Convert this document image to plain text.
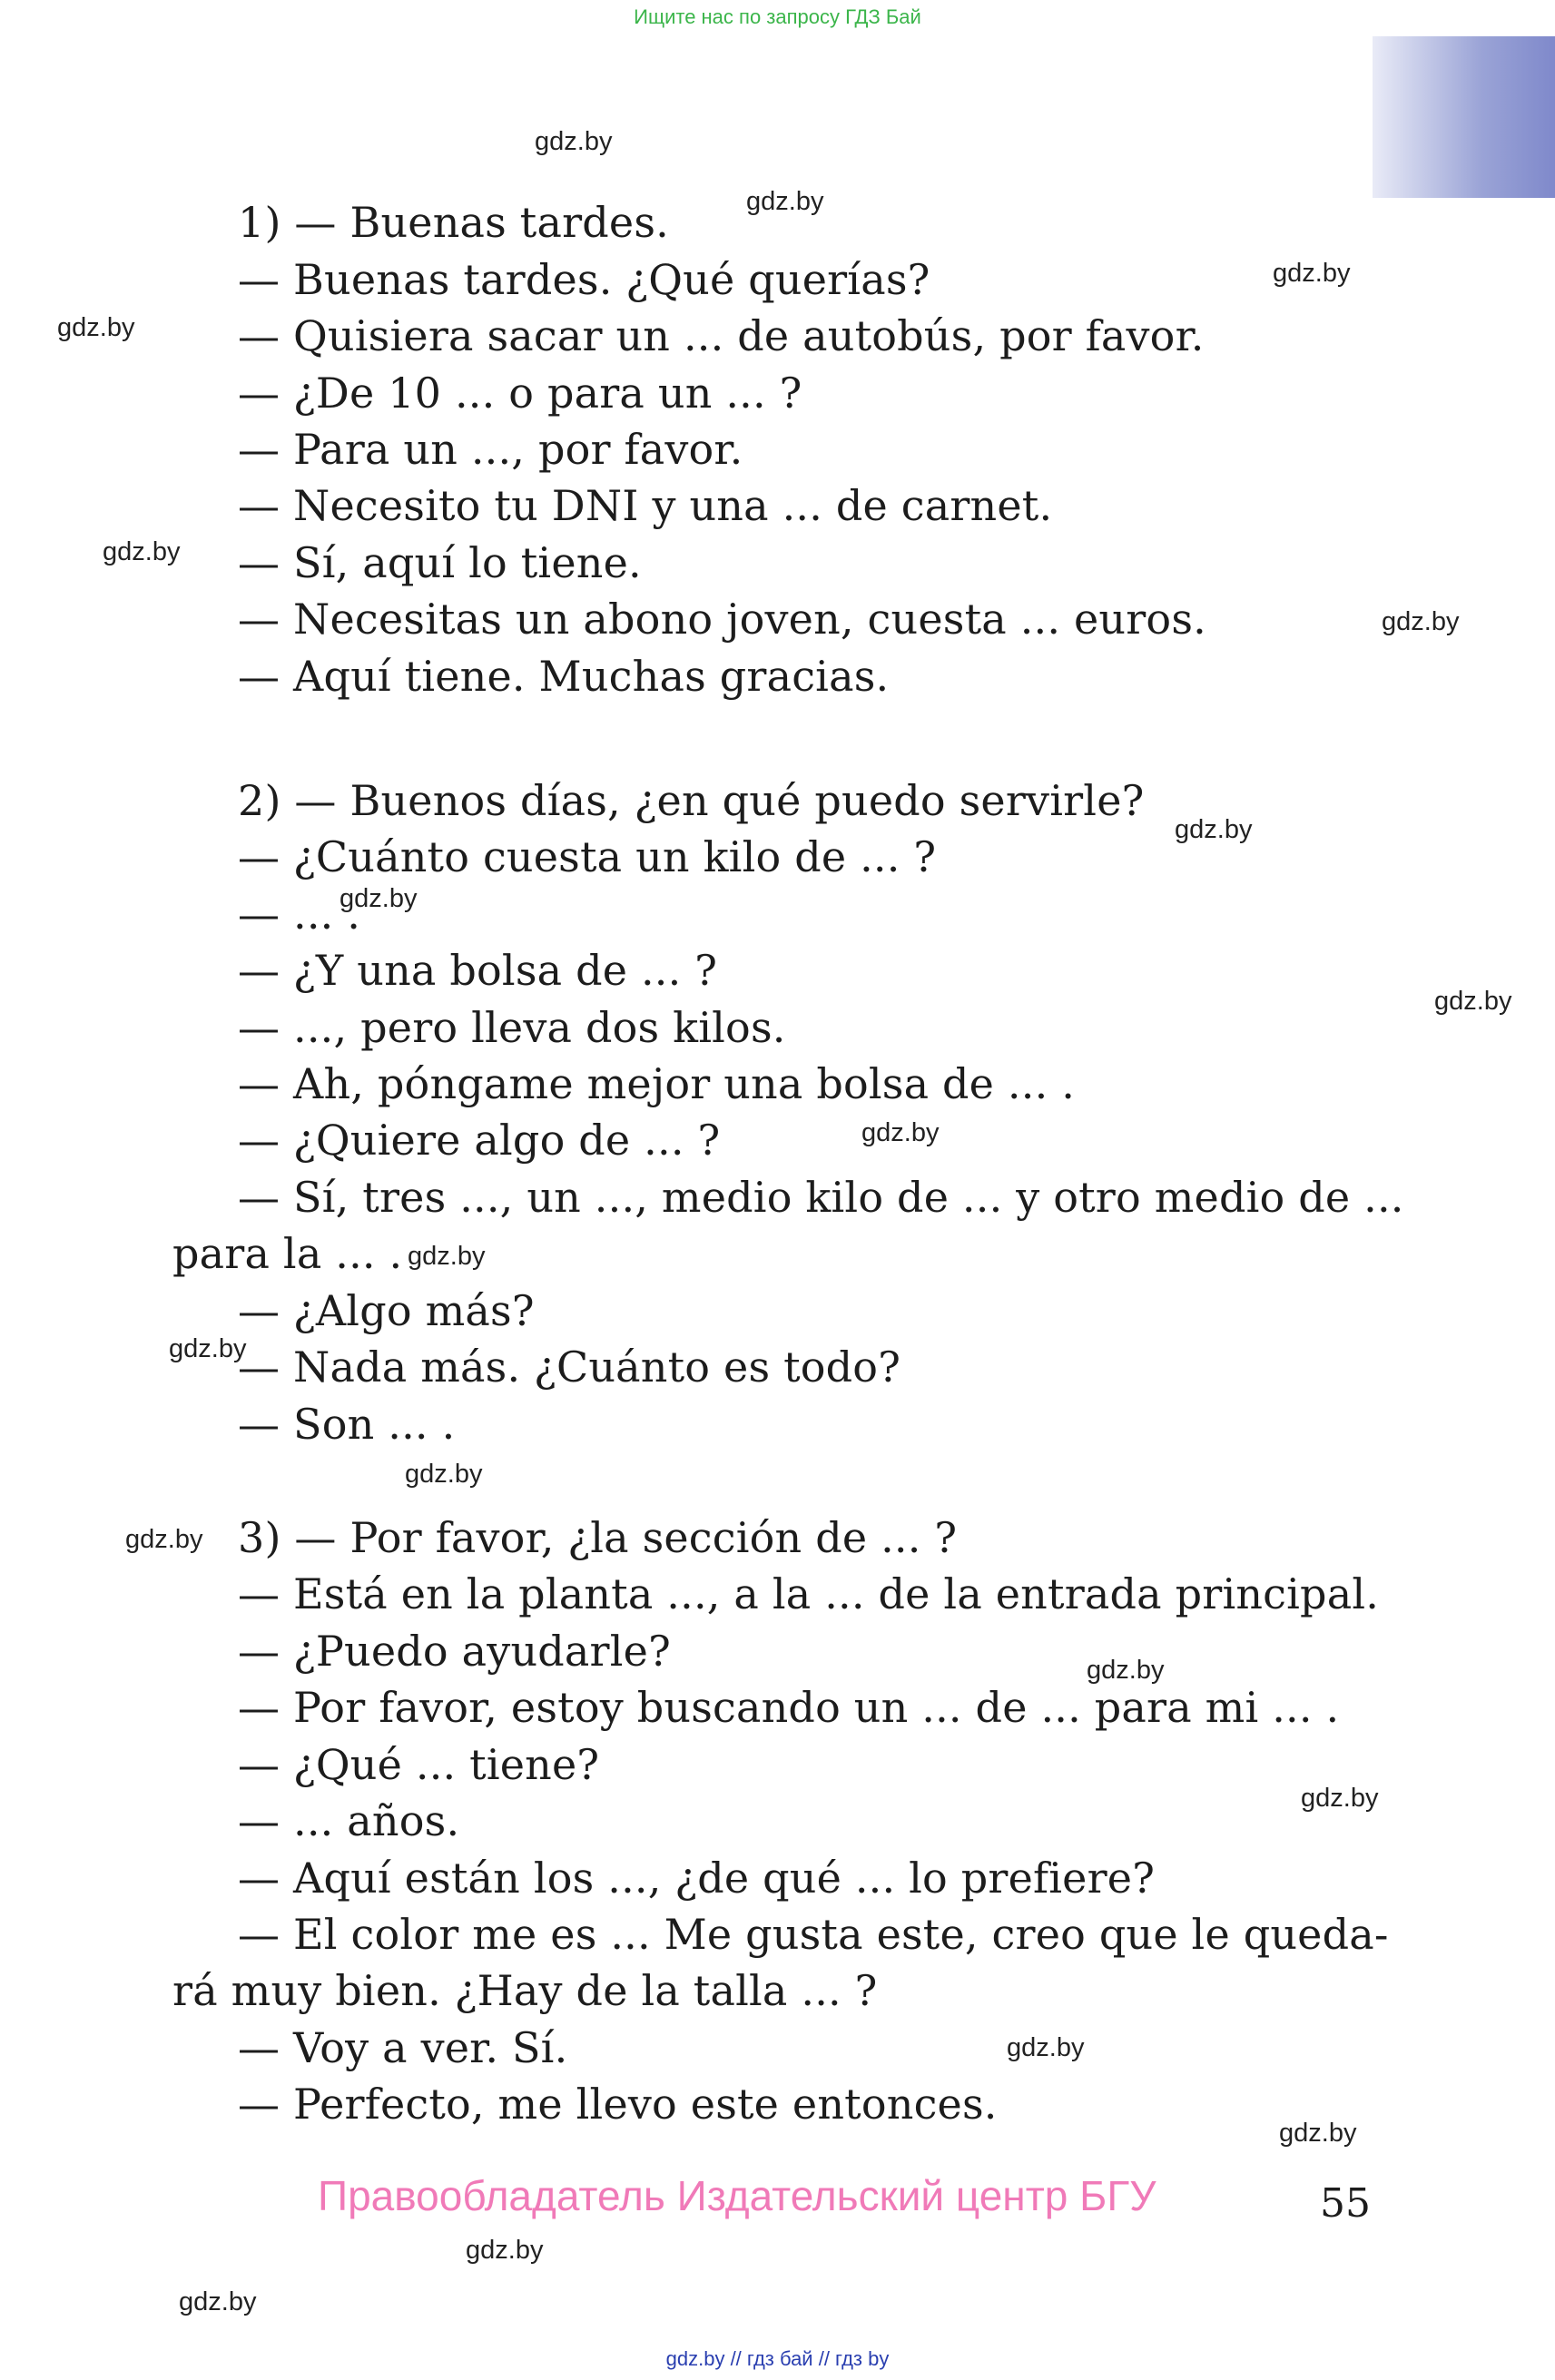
Ищите нас по запросу ГДЗ Бай
gdz.by
gdz.by
gdz.by
gdz.by
gdz.by
gdz.by
gdz.by
gdz.by
gdz.by
gdz.by
gdz.by
gdz.by
gdz.by
gdz.by
gdz.by
gdz.by
gdz.by
gdz.by
gdz.by
gdz.by
1) — Buenas tardes.
— Buenas tardes. ¿Qué querías?
— Quisiera sacar un ... de autobús, por favor.
— ¿De 10 ... o para un ... ?
— Para un ..., por favor.
— Necesito tu DNI y una ... de carnet.
— Sí, aquí lo tiene.
— Necesitas un abono joven, cuesta ... euros.
— Aquí tiene. Muchas gracias.
2) — Buenos días, ¿en qué puedo servirle?
— ¿Cuánto cuesta un kilo de ... ?
— ... .
— ¿Y una bolsa de ... ?
— ..., pero lleva dos kilos.
— Ah, póngame mejor una bolsa de ... .
— ¿Quiere algo de ... ?
— Sí, tres ..., un ..., medio kilo de ... y otro medio de ...
para la ... .
— ¿Algo más?
— Nada más. ¿Cuánto es todo?
— Son ... .
3) — Por favor, ¿la sección de ... ?
— Está en la planta ..., a la ... de la entrada principal.
— ¿Puedo ayudarle?
— Por favor, estoy buscando un ... de ... para mi ... .
— ¿Qué ... tiene?
— ... años.
— Aquí están los ..., ¿de qué ... lo prefiere?
— El color me es ... Me gusta este, creo que le queda-
rá muy bien. ¿Hay de la talla ... ?
— Voy a ver. Sí.
— Perfecto, me llevo este entonces.
Правообладатель Издательский центр БГУ	55
gdz.by // гдз бай // гдз by
